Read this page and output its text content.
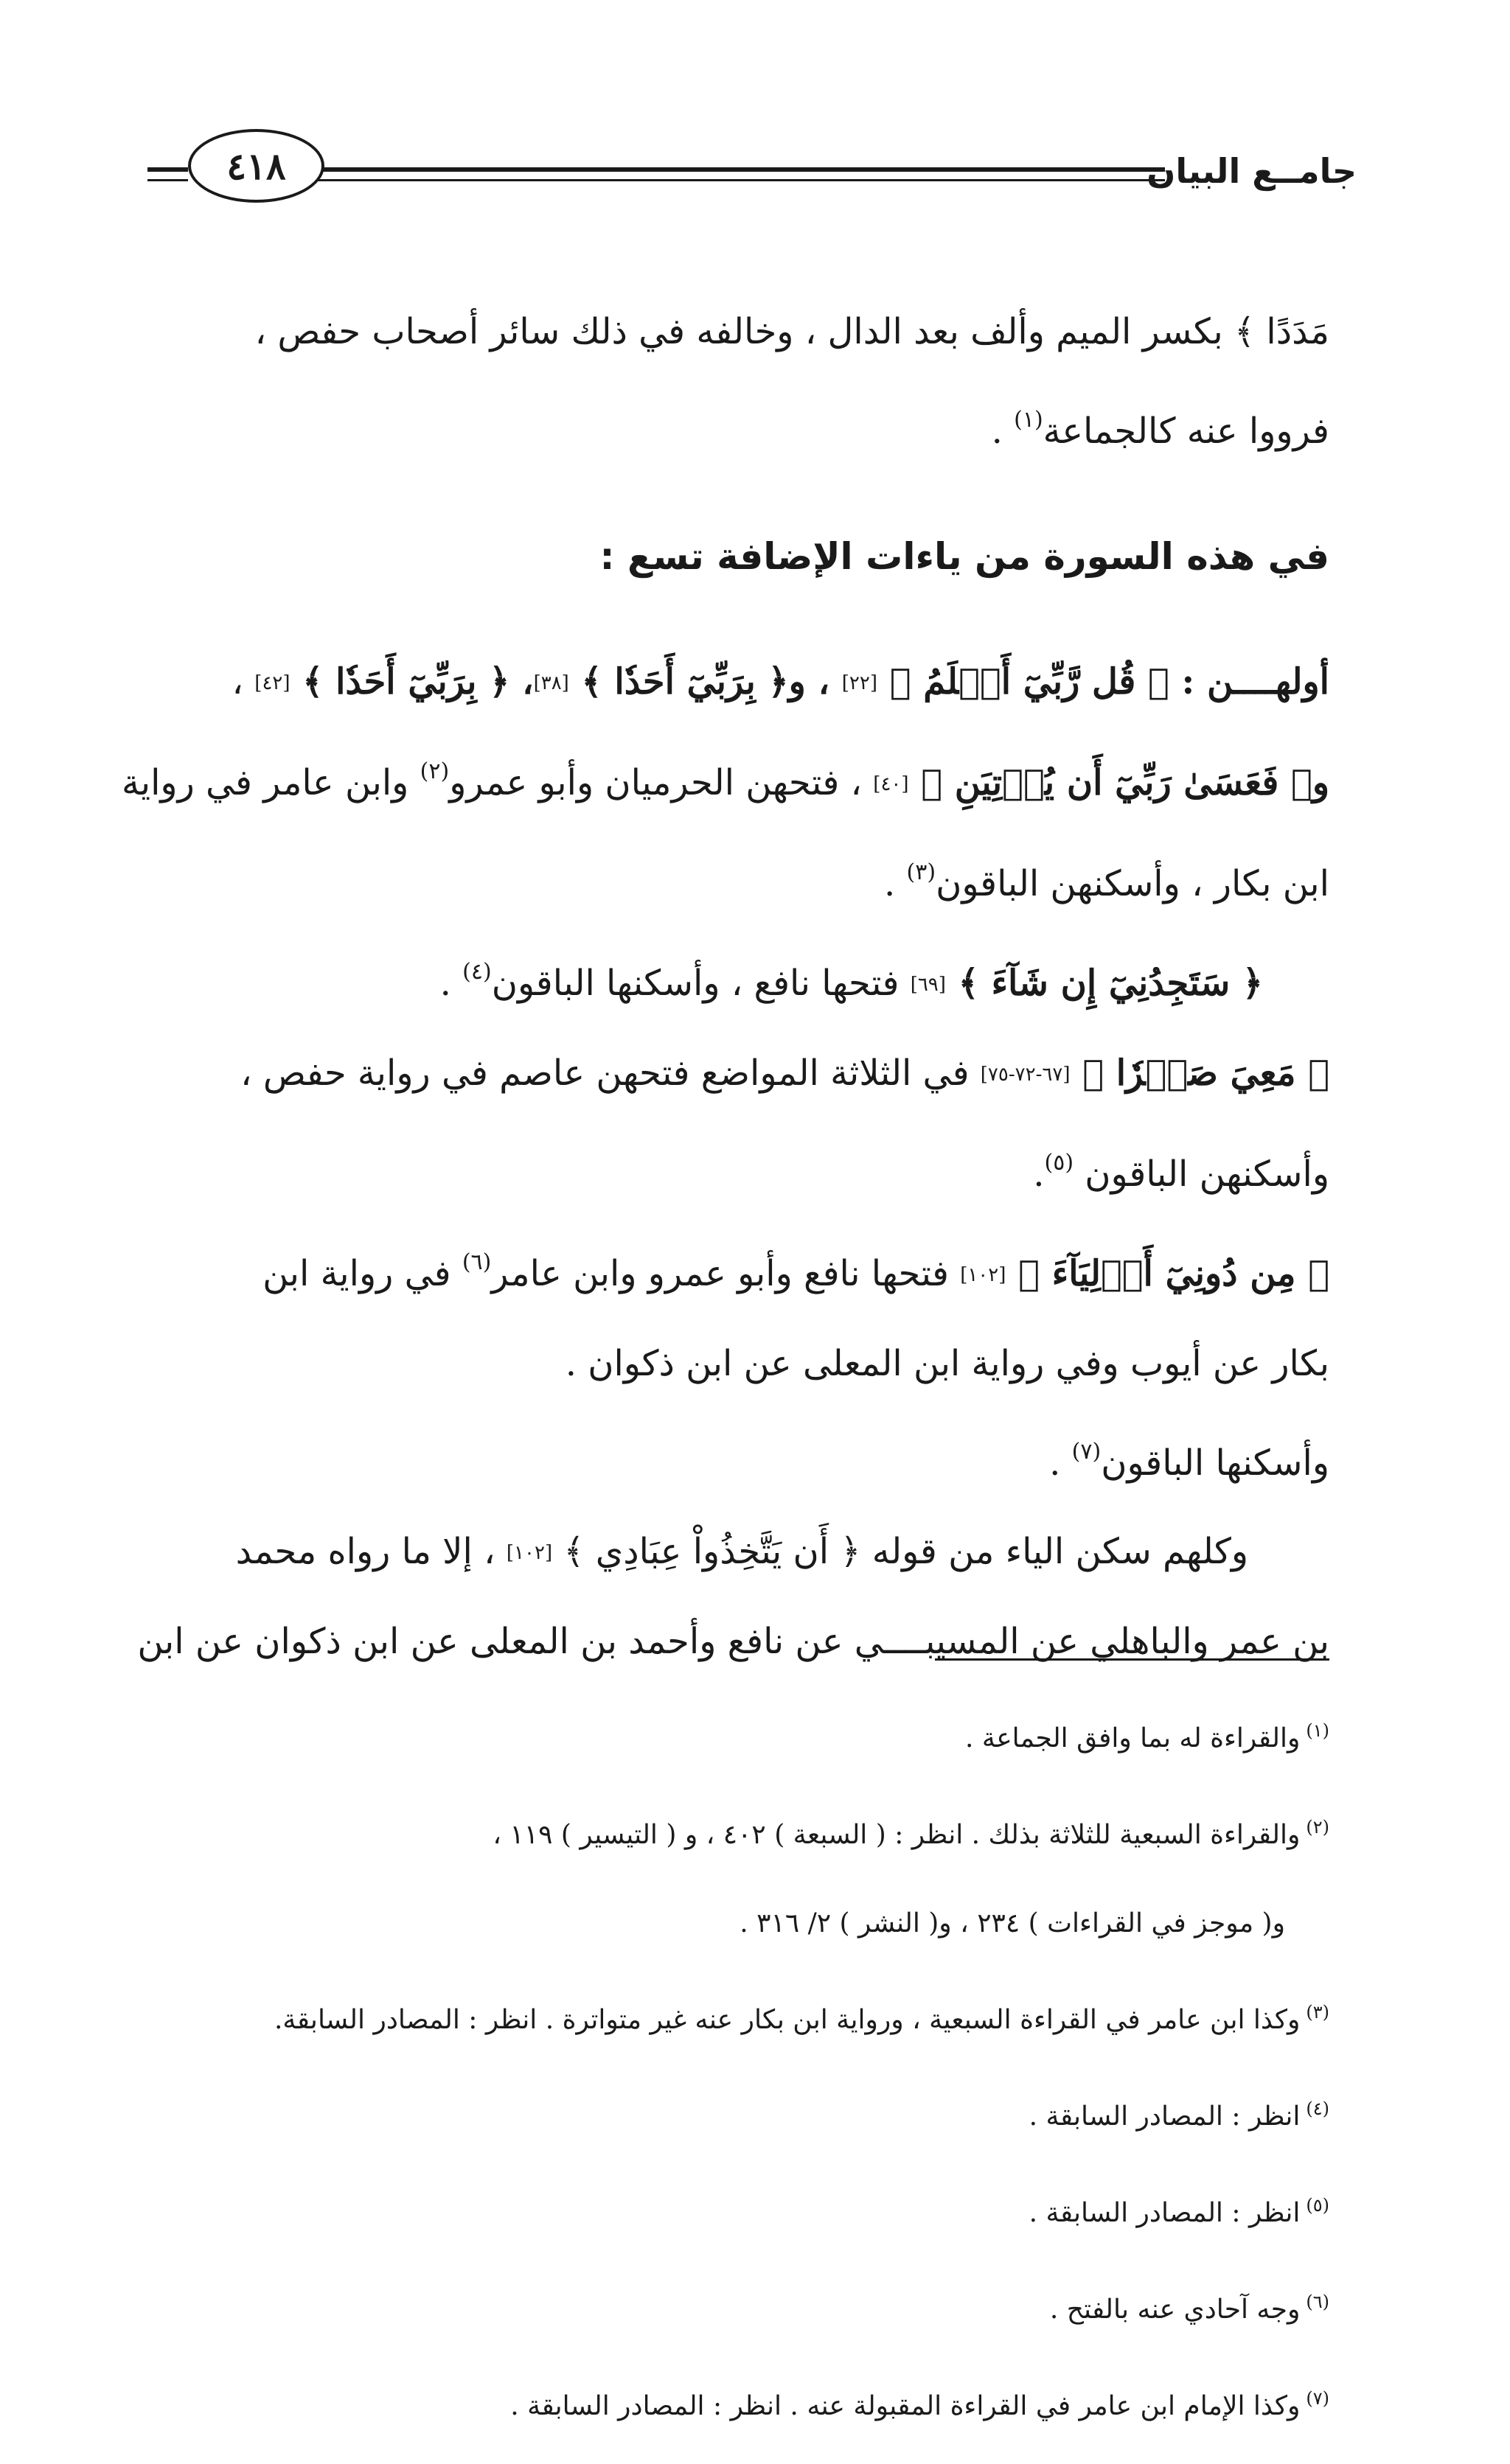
جامــع البيان
٤١٨

مَدَدًا ﴾ بكسر الميم وألف بعد الدال ، وخالفه في ذلك سائر أصحاب حفص ،

فرووا عنه كالجماعة$^{(١)}$ .

في هذه السورة من ياءات الإضافة تسع :

أولهــــن : ﴿ قُل رَّبِّيٓ أَعۡلَمُ ﴾ [٢٢] ، و﴿ بِرَبِّيٓ أَحَدٗا ﴾ [٣٨]، ﴿ بِرَبِّيٓ أَحَدٗا ﴾ [٤٢] ،

و﴿ فَعَسَىٰ رَبِّيٓ أَن يُؤۡتِيَنِ ﴾ [٤٠] ، فتحهن الحرميان وأبو عمرو$^{(٢)}$ وابن عامر في رواية

ابن بكار ، وأسكنهن الباقون$^{(٣)}$ .

﴿ سَتَجِدُنِيٓ إِن شَآءَ ﴾ [٦٩] فتحها نافع ، وأسكنها الباقون$^{(٤)}$ .

﴿ مَعِيَ صَبۡرٗا ﴾ [٦٧-٧٢-٧٥] في الثلاثة المواضع فتحهن عاصم في رواية حفص ،

وأسكنهن الباقون $^{(٥)}$.

﴿ مِن دُونِيٓ أَوۡلِيَآءَ ﴾ [١٠٢] فتحها نافع وأبو عمرو وابن عامر$^{(٦)}$ في رواية ابن

بكار عن أيوب وفي رواية ابن المعلى عن ابن ذكوان .

وأسكنها الباقون$^{(٧)}$ .

وكلهم سكن الياء من قوله ﴿ أَن يَتَّخِذُواْ عِبَادِي ﴾ [١٠٢] ، إلا ما رواه محمد

بن عمر والباهلي عن المسيبــــي عن نافع وأحمد بن المعلى عن ابن ذكوان عن ابن

$^{(١)}$والقراءة له بما وافق الجماعة .

$^{(٢)}$والقراءة السبعية للثلاثة بذلك . انظر : ( السبعة ) ٤٠٢ ، و ( التيسير ) ١١٩ ،

و( موجز في القراءات ) ٢٣٤ ، و( النشر ) ٢/ ٣١٦ .

$^{(٣)}$وكذا ابن عامر في القراءة السبعية ، ورواية ابن بكار عنه غير متواترة . انظر : المصادر السابقة.

$^{(٤)}$انظر : المصادر السابقة .

$^{(٥)}$انظر : المصادر السابقة .

$^{(٦)}$وجه آحادي عنه بالفتح .

$^{(٧)}$وكذا الإمام ابن عامر في القراءة المقبولة عنه . انظر : المصادر السابقة .
